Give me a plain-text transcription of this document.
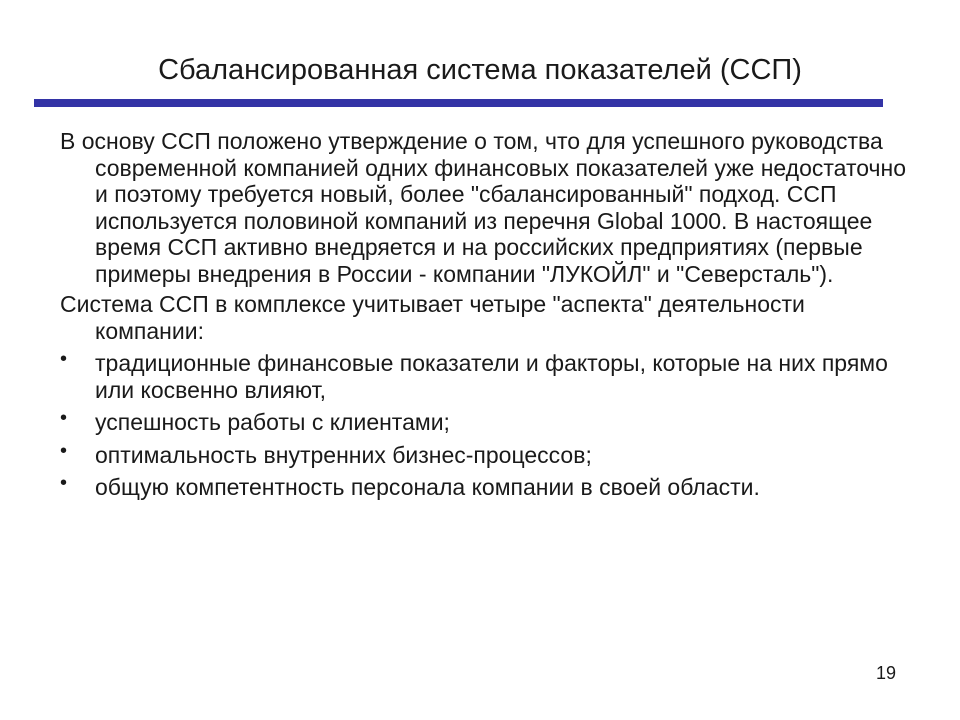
Сбалансированная система показателей (ССП)

В основу ССП положено утверждение о том, что для успешного руководства современной компанией одних финансовых показателей уже недостаточно и поэтому требуется новый, более "сбалансированный" подход. ССП используется половиной компаний из перечня Global 1000. В настоящее время ССП активно внедряется и на российских предприятиях (первые примеры внедрения в России - компании "ЛУКОЙЛ" и "Северсталь").

Система ССП в комплексе учитывает четыре "аспекта" деятельности компании:

• традиционные финансовые показатели и факторы, которые на них прямо или косвенно влияют,
• успешность работы с клиентами;
• оптимальность внутренних бизнес-процессов;
• общую компетентность персонала компании в своей области.
19
